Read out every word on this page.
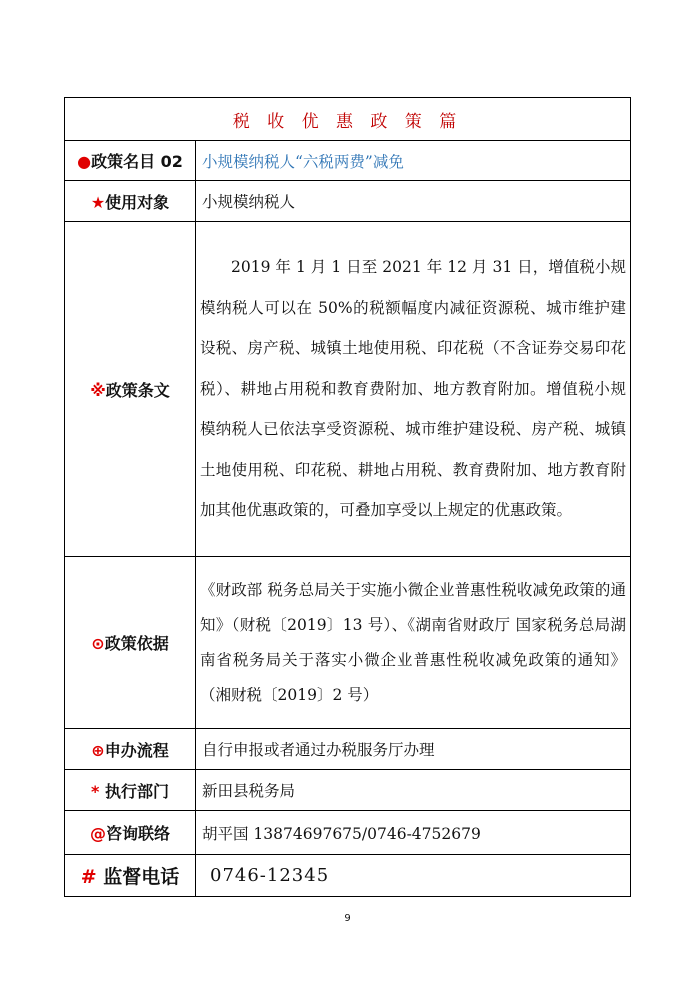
税 收 优 惠 政 策 篇	
●政策名目 02	小规模纳税人“六税两费”减免
★使用对象	小规模纳税人
※政策条文	2019 年 1 月 1 日至 2021 年 12 月 31 日，增值税小规模纳税人可以在 50%的税额幅度内减征资源税、城市维护建设税、房产税、城镇土地使用税、印花税（不含证券交易印花税）、耕地占用税和教育费附加、地方教育附加。增值税小规模纳税人已依法享受资源税、城市维护建设税、房产税、城镇土地使用税、印花税、耕地占用税、教育费附加、地方教育附加其他优惠政策的，可叠加享受以上规定的优惠政策。
⊙政策依据	《财政部 税务总局关于实施小微企业普惠性税收减免政策的通知》（财税〔2019〕13 号）、《湖南省财政厅 国家税务总局湖南省税务局关于落实小微企业普惠性税收减免政策的通知》（湘财税〔2019〕2 号）
⊕申办流程	自行申报或者通过办税服务厅办理
* 执行部门	新田县税务局
@咨询联络	胡平国 13874697675/0746-4752679
# 监督电话	0746-12345
9
